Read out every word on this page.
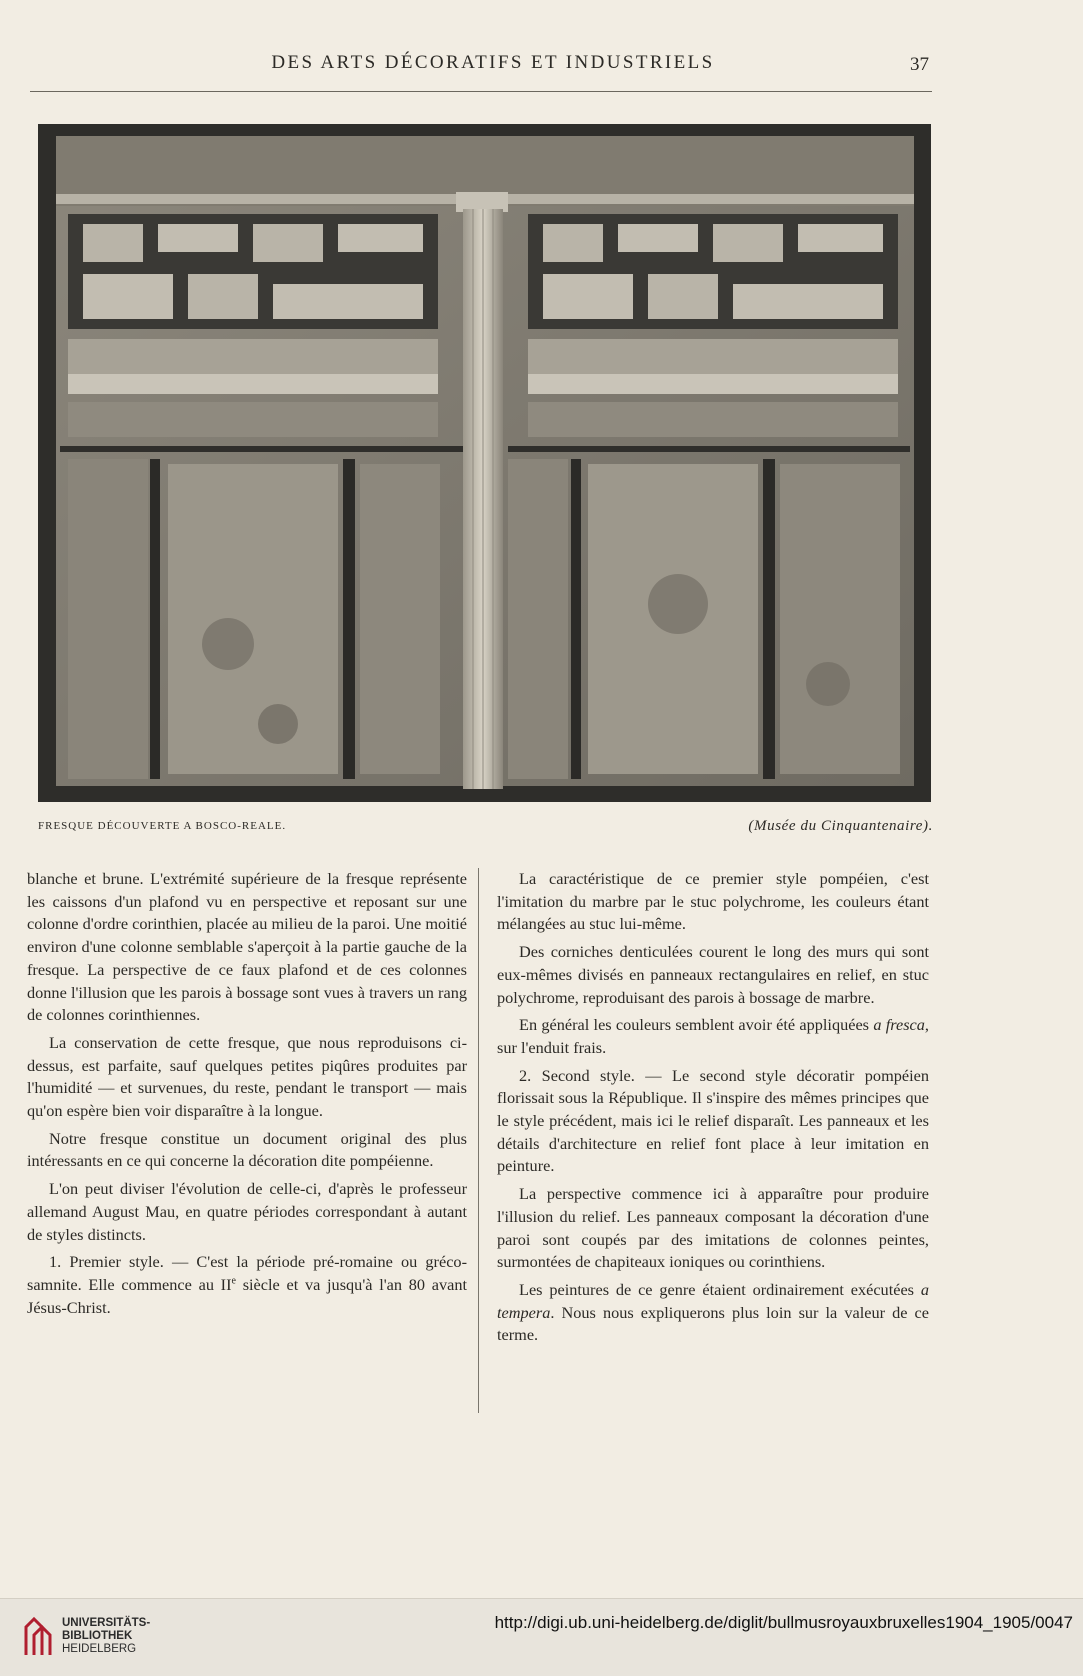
DES ARTS DÉCORATIFS ET INDUSTRIELS	37
FRESQUE DÉCOUVERTE A BOSCO-REALE.	(Musée du Cinquantenaire).

blanche et brune. L'extrémité supérieure de la fresque représente les caissons d'un plafond vu en perspective et reposant sur une colonne d'ordre corinthien, placée au milieu de la paroi. Une moitié environ d'une colonne semblable s'aperçoit à la partie gauche de la fresque. La perspective de ce faux plafond et de ces colonnes donne l'illusion que les parois à bossage sont vues à travers un rang de colonnes corinthiennes.

La conservation de cette fresque, que nous reproduisons ci-dessus, est parfaite, sauf quelques petites piqûres produites par l'humidité — et survenues, du reste, pendant le transport — mais qu'on espère bien voir disparaître à la longue.

Notre fresque constitue un document original des plus intéressants en ce qui concerne la décoration dite pompéienne.

L'on peut diviser l'évolution de celle-ci, d'après le professeur allemand August Mau, en quatre périodes correspondant à autant de styles distincts.

1. Premier style. — C'est la période pré-romaine ou gréco-samnite. Elle commence au IIe siècle et va jusqu'à l'an 80 avant Jésus-Christ.

La caractéristique de ce premier style pompéien, c'est l'imitation du marbre par le stuc polychrome, les couleurs étant mélangées au stuc lui-même.

Des corniches denticulées courent le long des murs qui sont eux-mêmes divisés en panneaux rectangulaires en relief, en stuc polychrome, reproduisant des parois à bossage de marbre.

En général les couleurs semblent avoir été appliquées a fresca, sur l'enduit frais.

2. Second style. — Le second style décoratir pompéien florissait sous la République. Il s'inspire des mêmes principes que le style précédent, mais ici le relief disparaît. Les panneaux et les détails d'architecture en relief font place à leur imitation en peinture.

La perspective commence ici à apparaître pour produire l'illusion du relief. Les panneaux composant la décoration d'une paroi sont coupés par des imitations de colonnes peintes, surmontées de chapiteaux ioniques ou corinthiens.

Les peintures de ce genre étaient ordinairement exécutées a tempera. Nous nous expliquerons plus loin sur la valeur de ce terme.

UNIVERSITÄTS-
BIBLIOTHEK
HEIDELBERG
http://digi.ub.uni-heidelberg.de/diglit/bullmusroyauxbruxelles1904_1905/0047
